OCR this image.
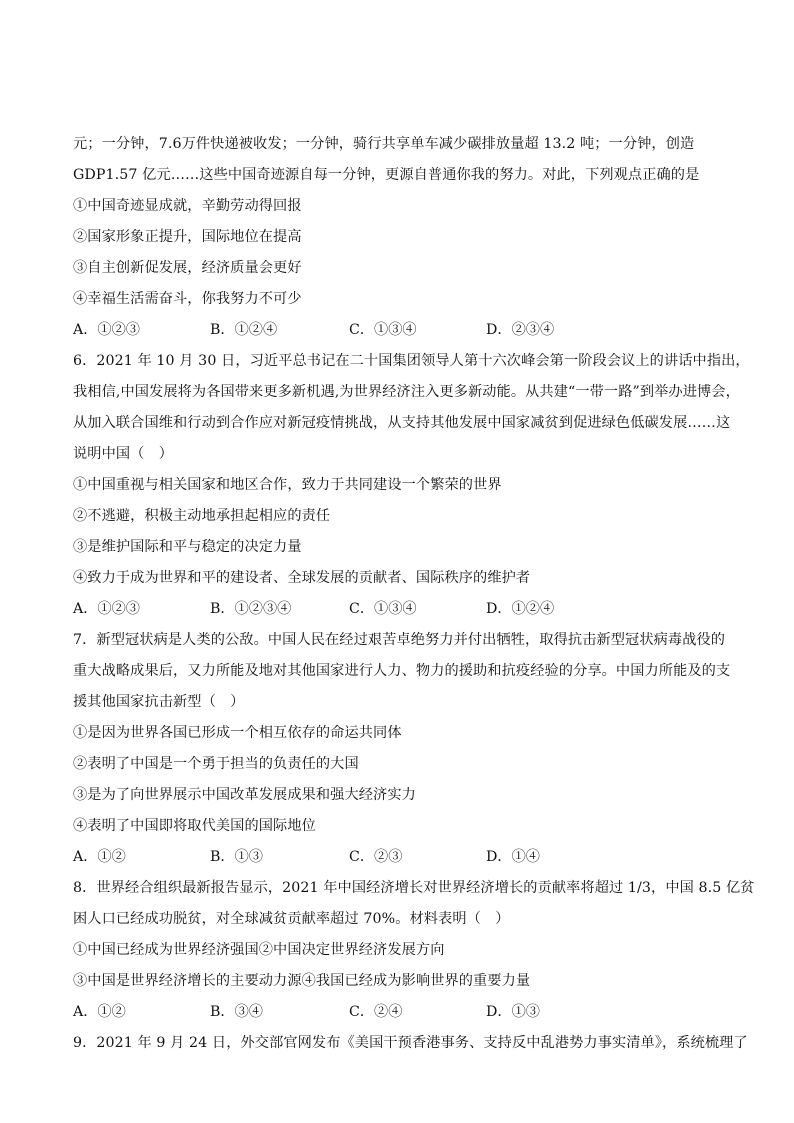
元；一分钟，7.6万件快递被收发；一分钟，骑行共享单车减少碳排放量超 13.2 吨；一分钟，创造
GDP1.57 亿元……这些中国奇迹源自每一分钟，更源自普通你我的努力。对此，下列观点正确的是
①中国奇迹显成就，辛勤劳动得回报
②国家形象正提升，国际地位在提高
③自主创新促发展，经济质量会更好
④幸福生活需奋斗，你我努力不可少
A．①②③	B．①②④	C．①③④	D．②③④
6．2021 年 10 月 30 日，习近平总书记在二十国集团领导人第十六次峰会第一阶段会议上的讲话中指出，
我相信,中国发展将为各国带来更多新机遇,为世界经济注入更多新动能。从共建“一带一路”到举办进博会，
从加入联合国维和行动到合作应对新冠疫情挑战，从支持其他发展中国家减贫到促进绿色低碳发展……这
说明中国（　）
①中国重视与相关国家和地区合作，致力于共同建设一个繁荣的世界
②不逃避，积极主动地承担起相应的责任
③是维护国际和平与稳定的决定力量
④致力于成为世界和平的建设者、全球发展的贡献者、国际秩序的维护者
A．①②③	B．①②③④	C．①③④	D．①②④
7．新型冠状病是人类的公敌。中国人民在经过艰苦卓绝努力并付出牺牲，取得抗击新型冠状病毒战役的
重大战略成果后，又力所能及地对其他国家进行人力、物力的援助和抗疫经验的分享。中国力所能及的支
援其他国家抗击新型（　）
①是因为世界各国已形成一个相互依存的命运共同体
②表明了中国是一个勇于担当的负责任的大国
③是为了向世界展示中国改革发展成果和强大经济实力
④表明了中国即将取代美国的国际地位
A．①②	B．①③	C．②③	D．①④
8．世界经合组织最新报告显示，2021 年中国经济增长对世界经济增长的贡献率将超过 1/3，中国 8.5 亿贫
困人口已经成功脱贫，对全球减贫贡献率超过 70%。材料表明（　）
①中国已经成为世界经济强国②中国决定世界经济发展方向
③中国是世界经济增长的主要动力源④我国已经成为影响世界的重要力量
A．①②	B．③④	C．②④	D．①③
9．2021 年 9 月 24 日，外交部官网发布《美国干预香港事务、支持反中乱港势力事实清单》，系统梳理了
